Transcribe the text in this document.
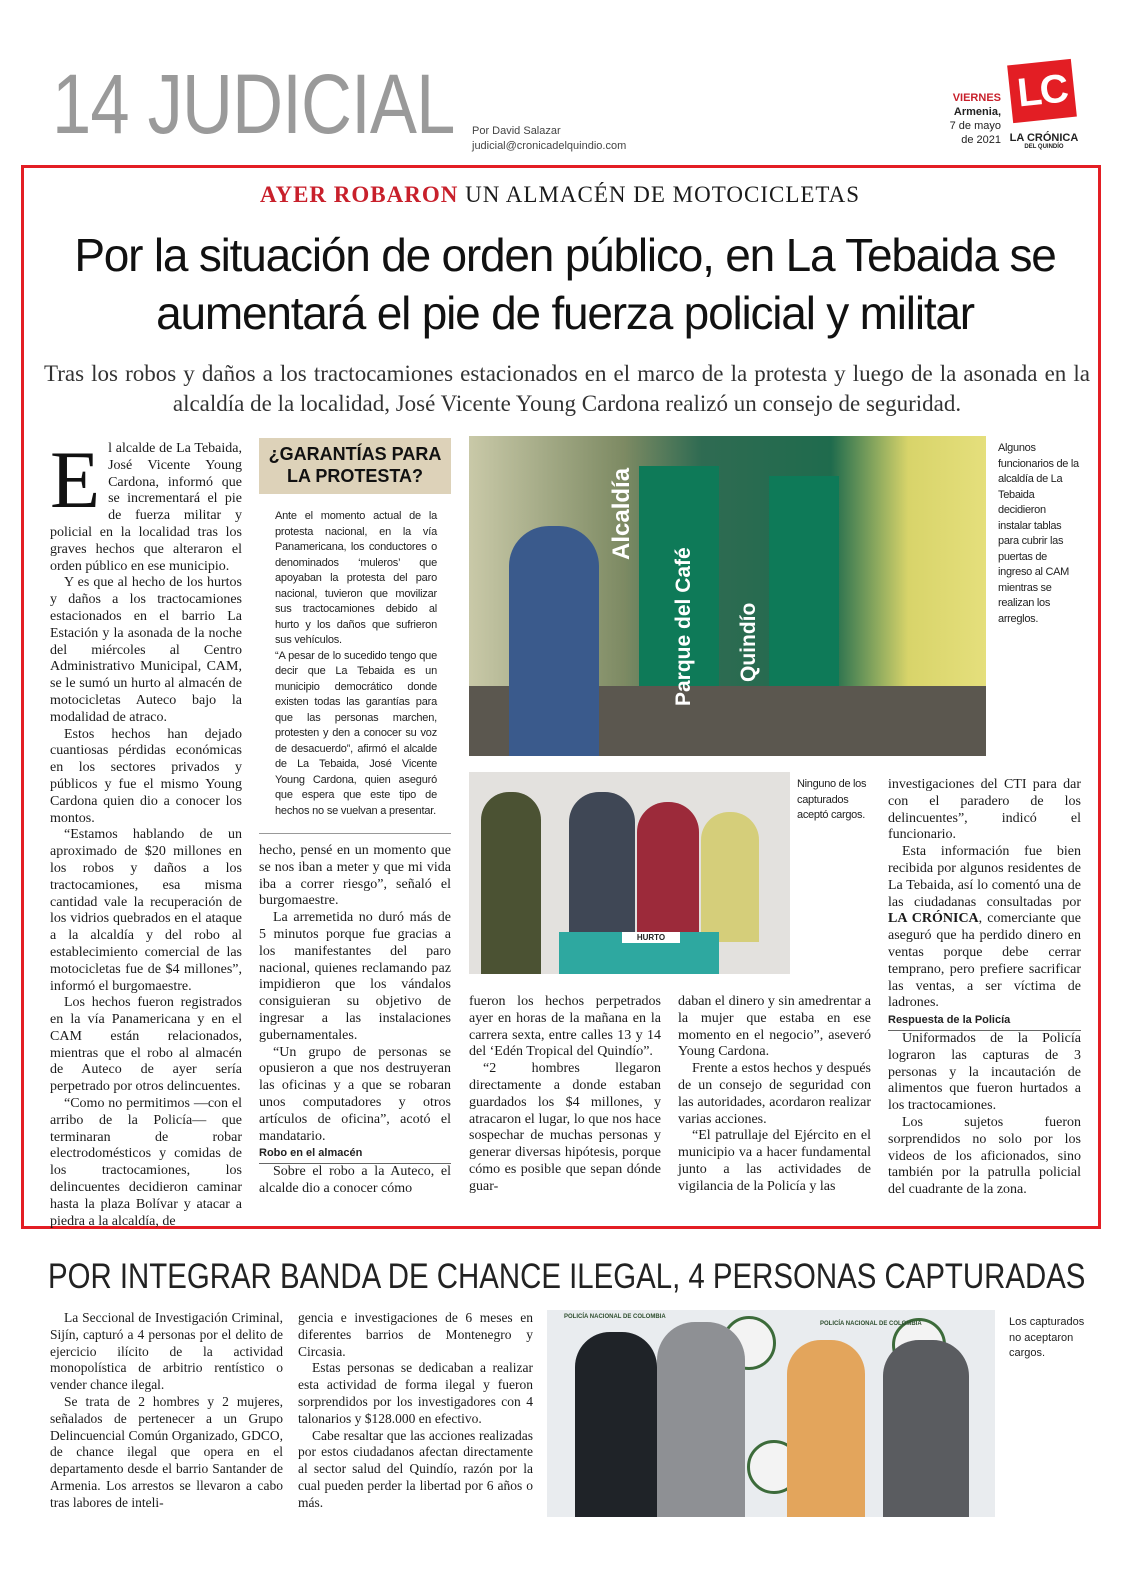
14 JUDICIAL Por David Salazar
judicial@cronicadelquindio.com
VIERNES
Armenia,
7 de mayo
de 2021
LC
LA CRÓNICA
DEL QUINDÍO
AYER ROBARON UN ALMACÉN DE MOTOCICLETAS
Por la situación de orden público, en La Tebaida se
aumentará el pie de fuerza policial y militar
Tras los robos y daños a los tractocamiones estacionados en el marco de la protesta y luego de la asonada en la alcaldía de la localidad, José Vicente Young Cardona realizó un consejo de seguridad.
E l alcalde de La Tebaida, José Vicente Young Cardona, informó que se incrementará el pie de fuerza militar y policial en la localidad tras los graves hechos que alteraron el orden público en ese municipio.

Y es que al hecho de los hurtos y daños a los tractocamiones estacionados en el barrio La Estación y la asonada de la noche del miércoles al Centro Administrativo Municipal, CAM, se le sumó un hurto al almacén de motocicletas Auteco bajo la modalidad de atraco.

Estos hechos han dejado cuantiosas pérdidas económicas en los sectores privados y públicos y fue el mismo Young Cardona quien dio a conocer los montos.

“Estamos hablando de un aproximado de $20 millones en los robos y daños a los tractocamiones, esa misma cantidad vale la recuperación de los vidrios quebrados en el ataque a la alcaldía y del robo al establecimiento comercial de las motocicletas fue de $4 millones”, informó el burgomaestre.

Los hechos fueron registrados en la vía Panamericana y en el CAM están relacionados, mientras que el robo al almacén de Auteco de ayer sería perpetrado por otros delincuentes.

“Como no permitimos —con el arribo de la Policía— que terminaran de robar electrodomésticos y comidas de los tractocamiones, los delincuentes decidieron caminar hasta la plaza Bolívar y atacar a piedra a la alcaldía, de

¿GARANTÍAS PARA LA PROTESTA?

Ante el momento actual de la protesta nacional, en la vía Panamericana, los conductores o denominados ‘muleros’ que apoyaban la protesta del paro nacional, tuvieron que movilizar sus tractocamiones debido al hurto y los daños que sufrieron sus vehículos.

“A pesar de lo sucedido tengo que decir que La Tebaida es un municipio democrático donde existen todas las garantías para que las personas marchen, protesten y den a conocer su voz de desacuerdo”, afirmó el alcalde de La Tebaida, José Vicente Young Cardona, quien aseguró que espera que este tipo de hechos no se vuelvan a presentar.

hecho, pensé en un momento que se nos iban a meter y que mi vida iba a correr riesgo”, señaló el burgomaestre.

La arremetida no duró más de 5 minutos porque fue gracias a los manifestantes del paro nacional, quienes reclamando paz impidieron que los vándalos consiguieran su objetivo de ingresar a las instalaciones gubernamentales.

“Un grupo de personas se opusieron a que nos destruyeran las oficinas y a que se robaran unos computadores y otros artículos de oficina”, acotó el mandatario.

Robo en el almacén

Sobre el robo a la Auteco, el alcalde dio a conocer cómo

Alcaldía
Parque del Café Quindío
Algunos funcionarios de la alcaldía de La Tebaida decidieron instalar tablas para cubrir las puertas de ingreso al CAM mientras se realizan los arreglos.
HURTO
Ninguno de los capturados aceptó cargos.

fueron los hechos perpetrados ayer en horas de la mañana en la carrera sexta, entre calles 13 y 14 del ‘Edén Tropical del Quindío”.

“2 hombres llegaron directamente a donde estaban guardados los $4 millones, y atracaron el lugar, lo que nos hace sospechar de muchas personas y generar diversas hipótesis, porque cómo es posible que sepan dónde guar-

daban el dinero y sin amedrentar a la mujer que estaba en ese momento en el negocio”, aseveró Young Cardona.

Frente a estos hechos y después de un consejo de seguridad con las autoridades, acordaron realizar varias acciones.

“El patrullaje del Ejército en el municipio va a hacer fundamental junto a las actividades de vigilancia de la Policía y las

investigaciones del CTI para dar con el paradero de los delincuentes”, indicó el funcionario.

Esta información fue bien recibida por algunos residentes de La Tebaida, así lo comentó una de las ciudadanas consultadas por LA CRÓNICA, comerciante que aseguró que ha perdido dinero en ventas porque debe cerrar temprano, pero prefiere sacrificar las ventas, a ser víctima de ladrones.

Respuesta de la Policía

Uniformados de la Policía lograron las capturas de 3 personas y la incautación de alimentos que fueron hurtados a los tractocamiones.

Los sujetos fueron sorprendidos no solo por los videos de los aficionados, sino también por la patrulla policial del cuadrante de la zona.

POR INTEGRAR BANDA DE CHANCE ILEGAL, 4 PERSONAS CAPTURADAS

La Seccional de Investigación Criminal, Sijín, capturó a 4 personas por el delito de ejercicio ilícito de la actividad monopolística de arbitrio rentístico o vender chance ilegal.

Se trata de 2 hombres y 2 mujeres, señalados de pertenecer a un Grupo Delincuencial Común Organizado, GDCO, de chance ilegal que opera en el departamento desde el barrio Santander de Armenia. Los arrestos se llevaron a cabo tras labores de inteli-

gencia e investigaciones de 6 meses en diferentes barrios de Montenegro y Circasia.

Estas personas se dedicaban a realizar esta actividad de forma ilegal y fueron sorprendidos por los investigadores con 4 talonarios y $128.000 en efectivo.

Cabe resaltar que las acciones realizadas por estos ciudadanos afectan directamente al sector salud del Quindío, razón por la cual pueden perder la libertad por 6 años o más.

POLICÍA NACIONAL DE COLOMBIA
POLICÍA NACIONAL DE COLOMBIA	Los capturados no aceptaron cargos.
